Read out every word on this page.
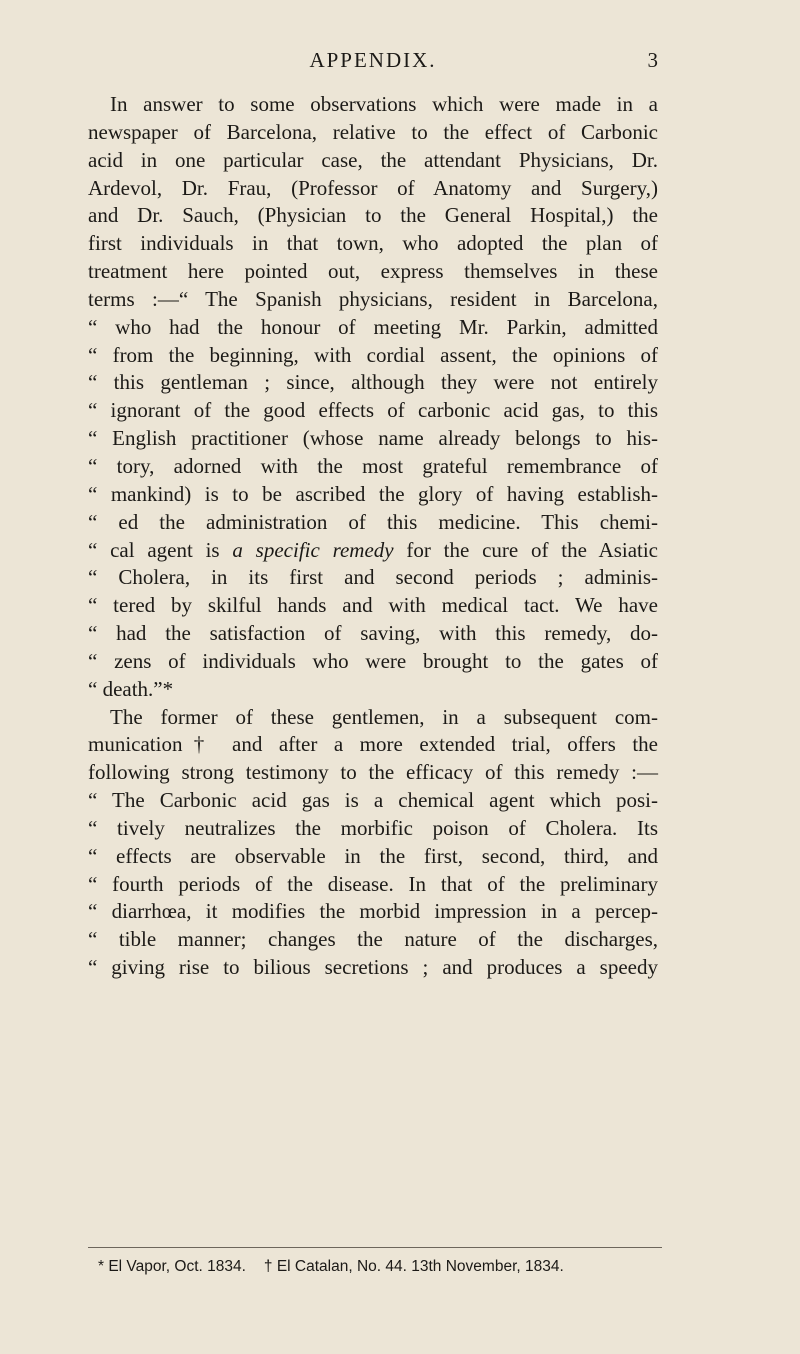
APPENDIX.	3
In answer to some observations which were made in a
newspaper of Barcelona, relative to the effect of Carbonic
acid in one particular case, the attendant Physicians, Dr.
Ardevol, Dr. Frau, (Professor of Anatomy and Surgery,)
and Dr. Sauch, (Physician to the General Hospital,) the
first individuals in that town, who adopted the plan of
treatment here pointed out, express themselves in these
terms :—“ The Spanish physicians, resident in Barcelona,
“ who had the honour of meeting Mr. Parkin, admitted
“ from the beginning, with cordial assent, the opinions of
“ this gentleman ; since, although they were not entirely
“ ignorant of the good effects of carbonic acid gas, to this
“ English practitioner (whose name already belongs to his-
“ tory, adorned with the most grateful remembrance of
“ mankind) is to be ascribed the glory of having establish-
“ ed the administration of this medicine. This chemi-
“ cal agent is a specific remedy for the cure of the Asiatic
“ Cholera, in its first and second periods ; adminis-
“ tered by skilful hands and with medical tact. We have
“ had the satisfaction of saving, with this remedy, do-
“ zens of individuals who were brought to the gates of
“ death.”*
The former of these gentlemen, in a subsequent com-
munication† and after a more extended trial, offers the
following strong testimony to the efficacy of this remedy :—
“ The Carbonic acid gas is a chemical agent which posi-
“ tively neutralizes the morbific poison of Cholera. Its
“ effects are observable in the first, second, third, and
“ fourth periods of the disease. In that of the preliminary
“ diarrhœa, it modifies the morbid impression in a percep-
“ tible manner; changes the nature of the discharges,
“ giving rise to bilious secretions ; and produces a speedy
* El Vapor, Oct. 1834. † El Catalan, No. 44. 13th November, 1834.
